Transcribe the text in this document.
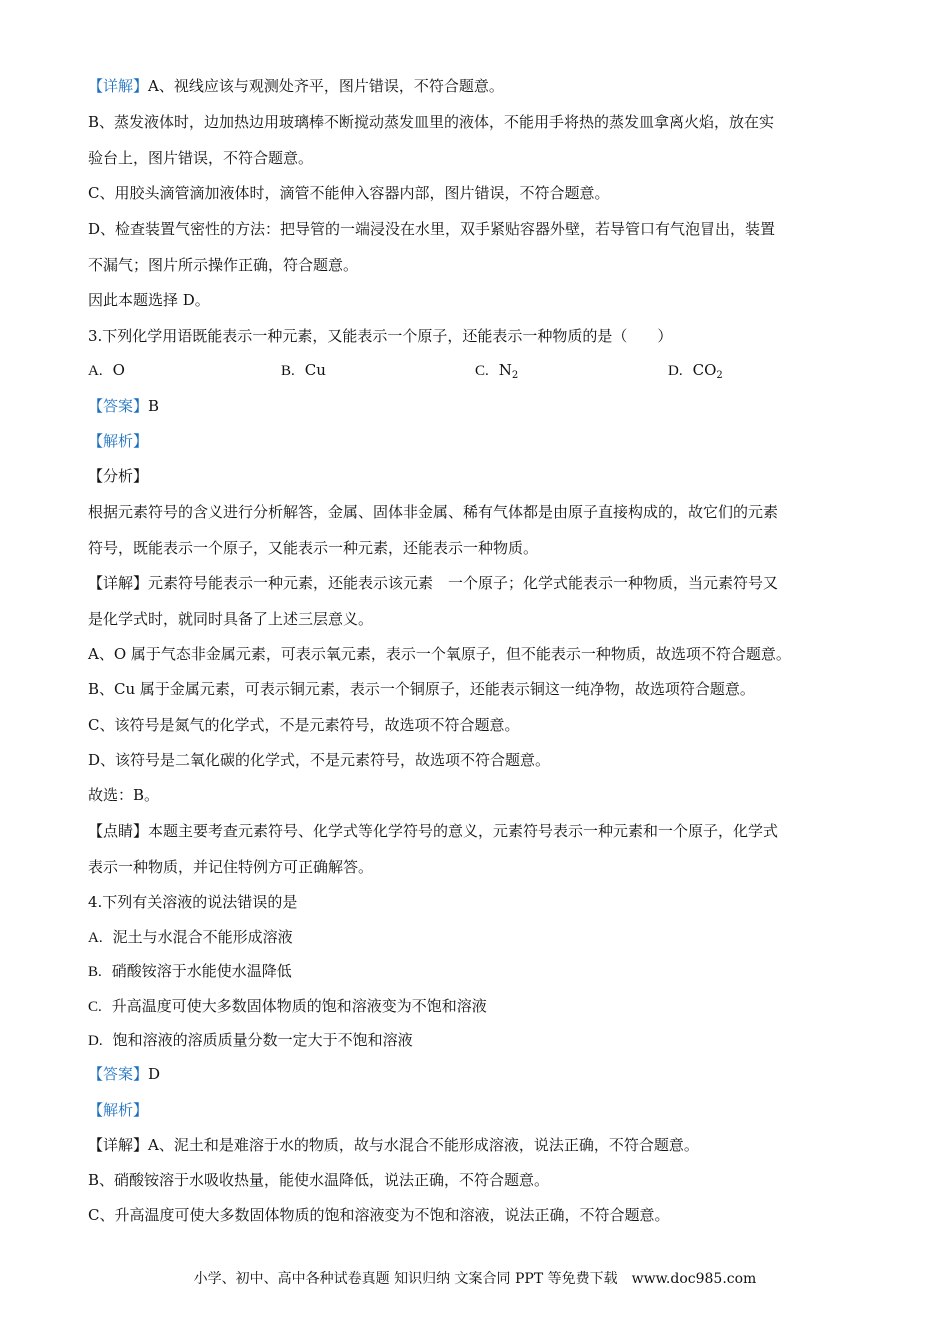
【详解】A、视线应该与观测处齐平，图片错误，不符合题意。

B、蒸发液体时，边加热边用玻璃棒不断搅动蒸发皿里的液体，不能用手将热的蒸发皿拿离火焰，放在实

验台上，图片错误，不符合题意。

C、用胶头滴管滴加液体时，滴管不能伸入容器内部，图片错误，不符合题意。

D、检查装置气密性的方法：把导管的一端浸没在水里，双手紧贴容器外壁，若导管口有气泡冒出，装置

不漏气；图片所示操作正确，符合题意。

因此本题选择 D。

3.下列化学用语既能表示一种元素，又能表示一个原子，还能表示一种物质的是（　　）

A. O	B. Cu	C. $N_2$	D. $CO_2$

【答案】B

【解析】

【分析】

根据元素符号的含义进行分析解答，金属、固体非金属、稀有气体都是由原子直接构成的，故它们的元素

符号，既能表示一个原子，又能表示一种元素，还能表示一种物质。

【详解】元素符号能表示一种元素，还能表示该元素　一个原子；化学式能表示一种物质，当元素符号又

是化学式时，就同时具备了上述三层意义。

A、O 属于气态非金属元素，可表示氧元素，表示一个氧原子，但不能表示一种物质，故选项不符合题意。

B、Cu 属于金属元素，可表示铜元素，表示一个铜原子，还能表示铜这一纯净物，故选项符合题意。

C、该符号是氮气的化学式，不是元素符号，故选项不符合题意。

D、该符号是二氧化碳的化学式，不是元素符号，故选项不符合题意。

故选：B。

【点睛】本题主要考查元素符号、化学式等化学符号的意义，元素符号表示一种元素和一个原子，化学式

表示一种物质，并记住特例方可正确解答。

4.下列有关溶液的说法错误的是

A. 泥土与水混合不能形成溶液
B. 硝酸铵溶于水能使水温降低
C. 升高温度可使大多数固体物质的饱和溶液变为不饱和溶液
D. 饱和溶液的溶质质量分数一定大于不饱和溶液

【答案】D

【解析】

【详解】A、泥土和是难溶于水的物质，故与水混合不能形成溶液，说法正确，不符合题意。

B、硝酸铵溶于水吸收热量，能使水温降低，说法正确，不符合题意。

C、升高温度可使大多数固体物质的饱和溶液变为不饱和溶液，说法正确，不符合题意。

小学、初中、高中各种试卷真题 知识归纳 文案合同 PPT 等免费下载　www.doc985.com
